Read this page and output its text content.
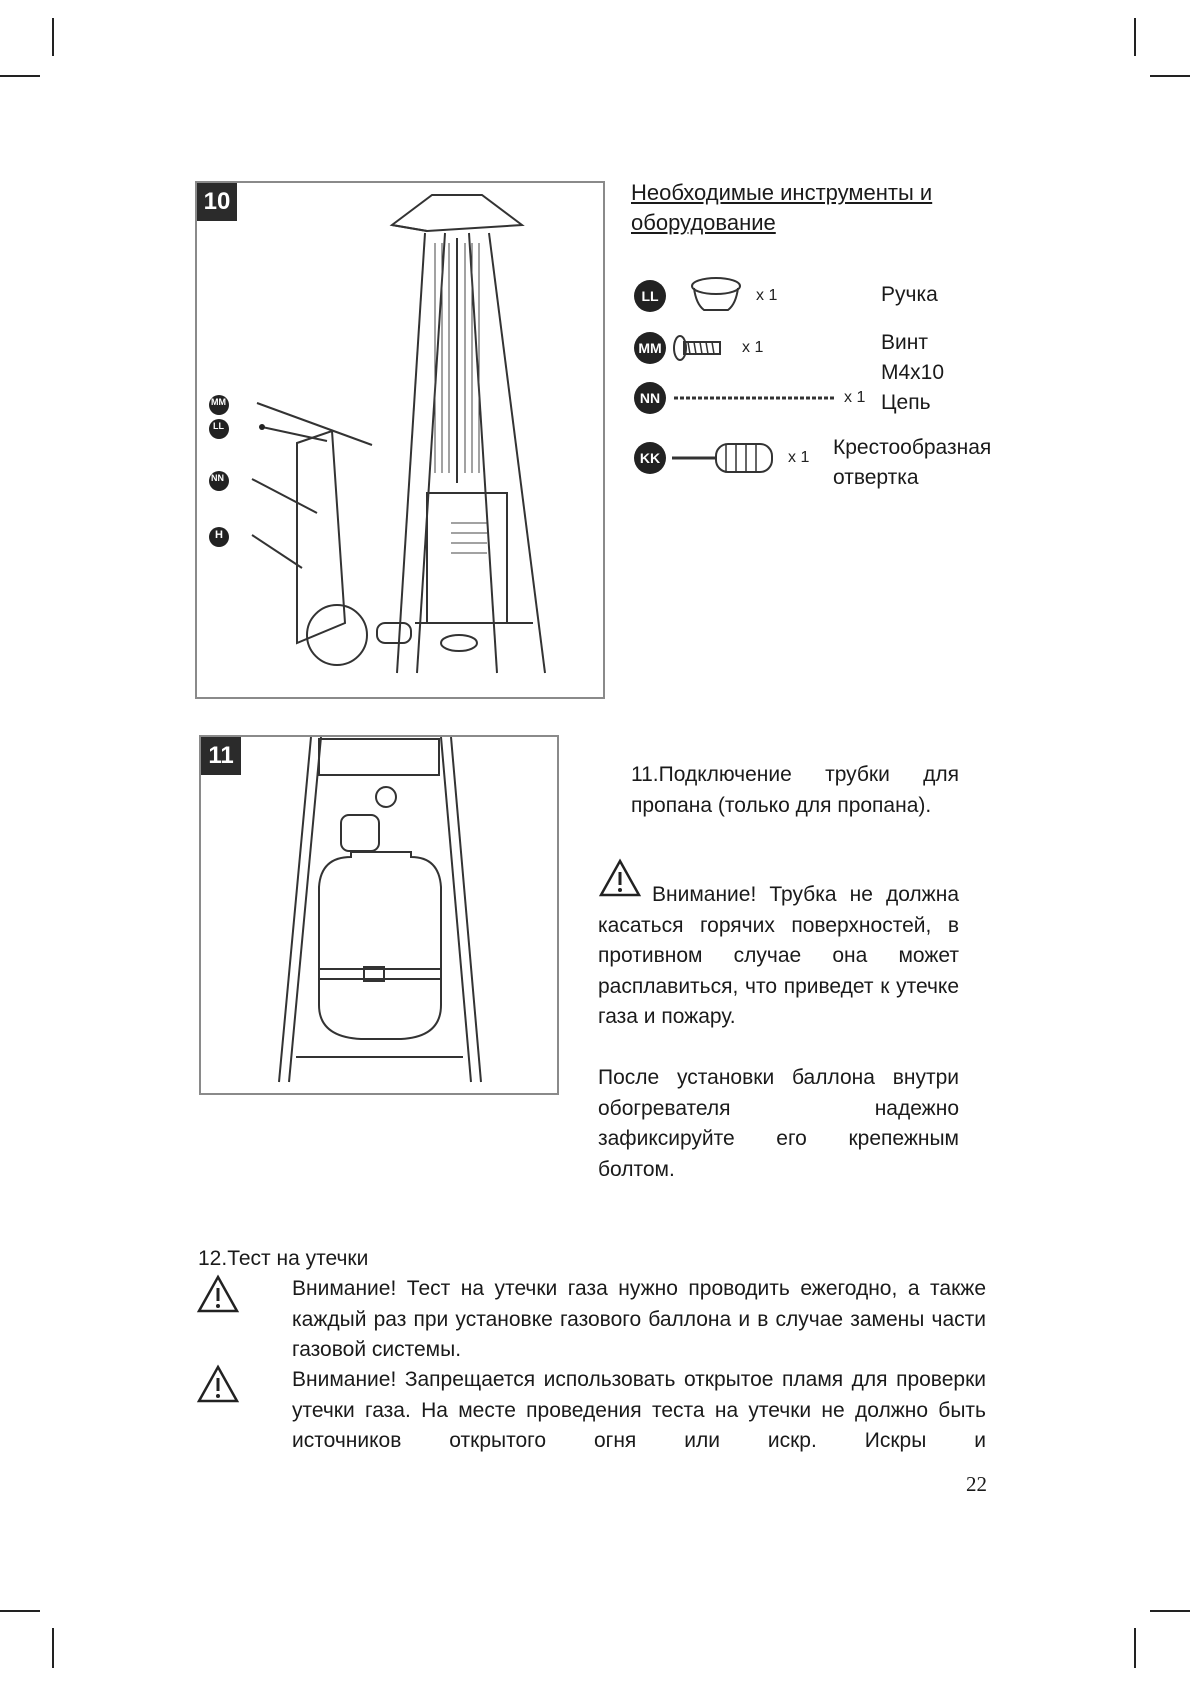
10
MM
LL
NN
H
Необходимые инструменты и оборудование
LL	x 1	Ручка
MM	x 1	Винт
М4х10
NN	x 1 Цепь
KK	x 1 Крестообразная
отвертка
11
11.Подключение трубки для пропана (только для пропана).
Внимание! Трубка не должна касаться горячих поверхностей, в противном случае она может расплавиться, что приведет к утечке газа и пожару.
После установки баллона внутри обогревателя надежно зафиксируйте его крепежным болтом.
12.Тест на утечки
Внимание! Тест на утечки газа нужно проводить ежегодно, а также каждый раз при установке газового баллона и в случае замены части газовой системы.
Внимание! Запрещается использовать открытое пламя для проверки утечки газа. На месте проведения теста на утечки не должно быть источников открытого огня или искр. Искры и
22
